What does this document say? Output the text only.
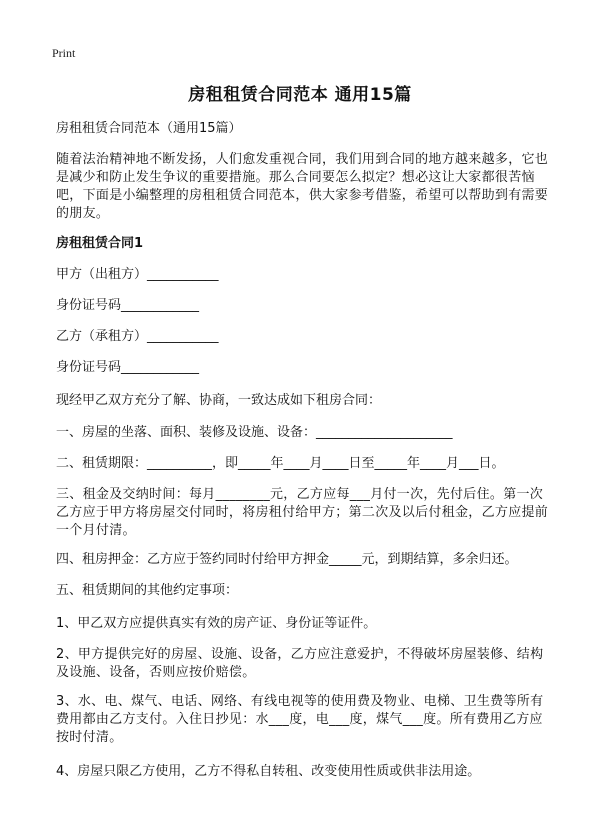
Print
房租租赁合同范本 通用15篇
房租租赁合同范本（通用15篇）
随着法治精神地不断发扬，人们愈发重视合同，我们用到合同的地方越来越多，它也是减少和防止发生争议的重要措施。那么合同要怎么拟定？想必这让大家都很苦恼吧，下面是小编整理的房租租赁合同范本，供大家参考借鉴，希望可以帮助到有需要的朋友。
房租租赁合同1
甲方（出租方）___________
身份证号码____________
乙方（承租方）___________
身份证号码____________
现经甲乙双方充分了解、协商，一致达成如下租房合同：
一、房屋的坐落、面积、装修及设施、设备：_____________________
二、租赁期限：__________，即_____年____月____日至_____年____月___日。
三、租金及交纳时间：每月________元，乙方应每___月付一次，先付后住。第一次乙方应于甲方将房屋交付同时，将房租付给甲方；第二次及以后付租金，乙方应提前一个月付清。
四、租房押金：乙方应于签约同时付给甲方押金_____元，到期结算，多余归还。
五、租赁期间的其他约定事项：
1、甲乙双方应提供真实有效的房产证、身份证等证件。
2、甲方提供完好的房屋、设施、设备，乙方应注意爱护，不得破坏房屋装修、结构及设施、设备，否则应按价赔偿。
3、水、电、煤气、电话、网络、有线电视等的使用费及物业、电梯、卫生费等所有费用都由乙方支付。入住日抄见：水___度，电___度，煤气___度。所有费用乙方应按时付清。
4、房屋只限乙方使用，乙方不得私自转租、改变使用性质或供非法用途。
